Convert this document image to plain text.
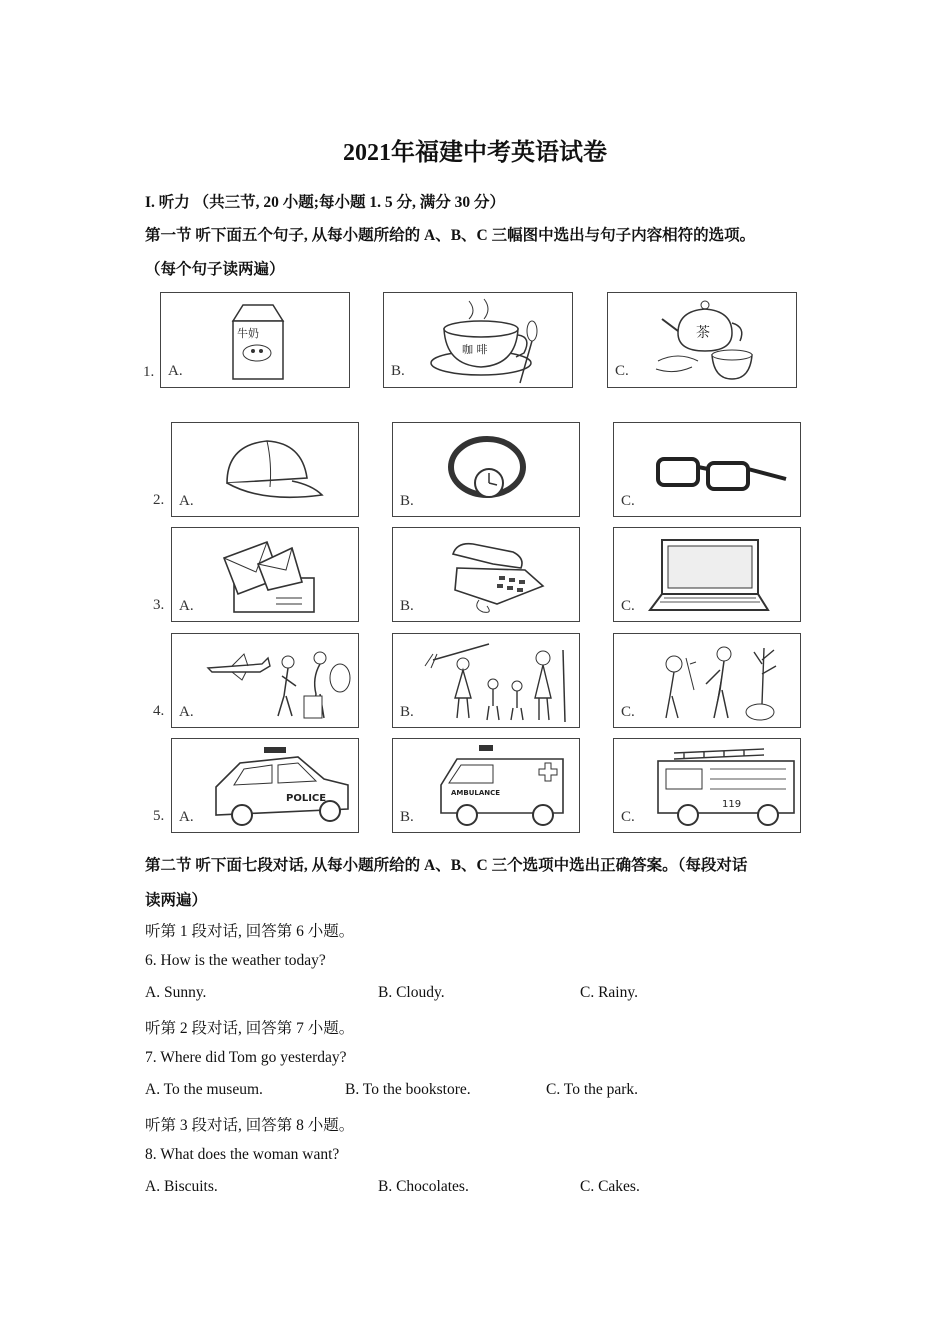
2021年福建中考英语试卷
I. 听力 （共三节, 20 小题;每小题 1. 5 分, 满分 30 分）
第一节 听下面五个句子, 从每小题所给的 A、B、C 三幅图中选出与句子内容相符的选项。
（每个句子读两遍）
1. A.
牛奶
B.
咖 啡
C.
茶
2. A.	B.	C.
3. A.	B.	C.
4. A.	B.	C.
5. A.
POLICE
B.
AMBULANCE
C.
119
第二节 听下面七段对话, 从每小题所给的 A、B、C 三个选项中选出正确答案。（每段对话
读两遍）
听第 1 段对话, 回答第 6 小题。
6. How is the weather today?
A. Sunny.	B. Cloudy.	C. Rainy.
听第 2 段对话, 回答第 7 小题。
7. Where did Tom go yesterday?
A. To the museum.	B. To the bookstore.	C. To the park.
听第 3 段对话, 回答第 8 小题。
8. What does the woman want?
A. Biscuits.	B. Chocolates.	C. Cakes.
